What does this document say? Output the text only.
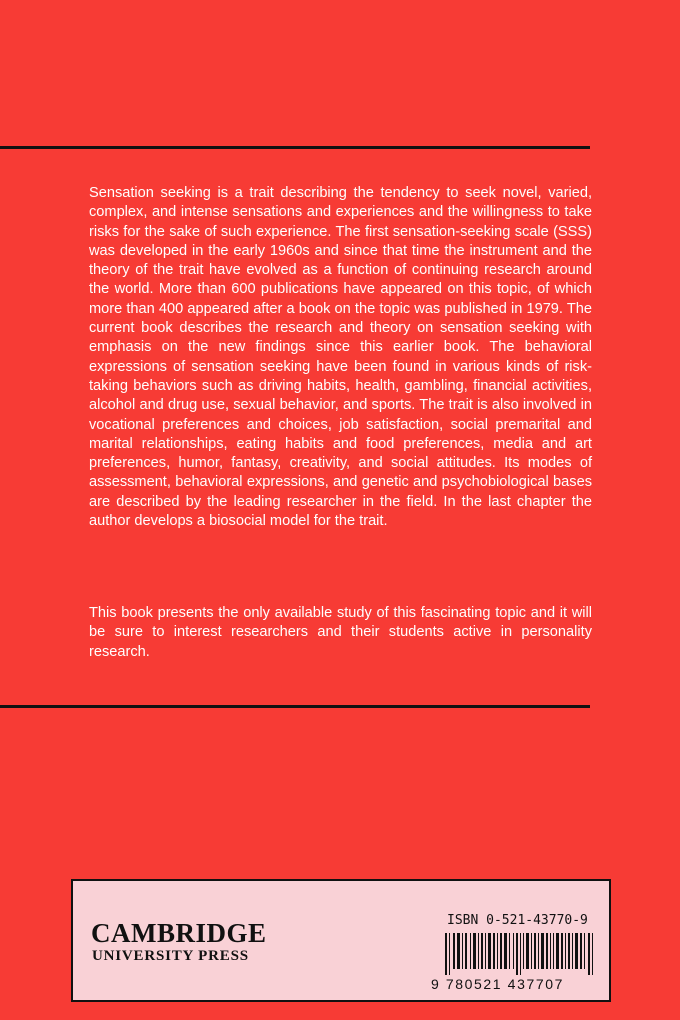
Sensation seeking is a trait describing the tendency to seek novel, varied, complex, and intense sensations and experiences and the willingness to take risks for the sake of such experience. The first sensation-seeking scale (SSS) was developed in the early 1960s and since that time the instrument and the theory of the trait have evolved as a function of continuing research around the world. More than 600 publications have appeared on this topic, of which more than 400 appeared after a book on the topic was published in 1979. The current book describes the research and theory on sensation seeking with emphasis on the new findings since this earlier book. The behavioral expressions of sensation seeking have been found in various kinds of risk-taking behaviors such as driving habits, health, gambling, financial activities, alcohol and drug use, sexual behavior, and sports. The trait is also involved in vocational preferences and choices, job satisfaction, social premarital and marital relationships, eating habits and food preferences, media and art preferences, humor, fantasy, creativity, and social attitudes. Its modes of assessment, behavioral expressions, and genetic and psychobiological bases are described by the leading researcher in the field. In the last chapter the author develops a biosocial model for the trait.

This book presents the only available study of this fascinating topic and it will be sure to interest researchers and their students active in personality research.

CAMBRIDGE
UNIVERSITY PRESS
ISBN 0-521-43770-9
9 780521 437707
